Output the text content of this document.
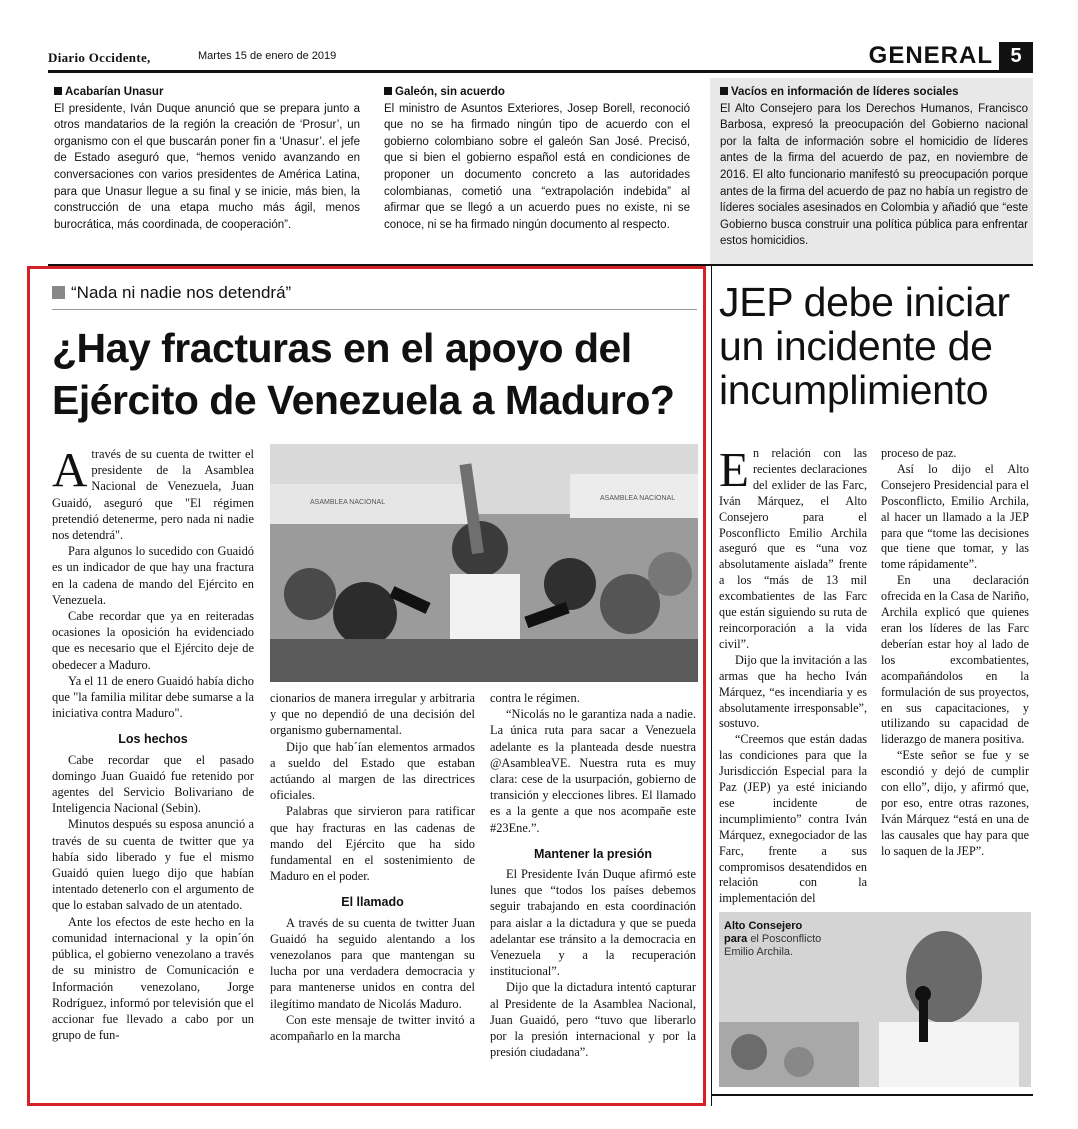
Diario Occidente,	Martes 15 de enero de 2019	GENERAL 5
Acabarían Unasur
El presidente, Iván Duque anunció que se prepara junto a otros mandatarios de la región la creación de ‘Prosur’, un organismo con el que buscarán poner fin a ‘Unasur’. el jefe de Estado aseguró que, “hemos venido avanzando en conversaciones con varios presidentes de América Latina, para que Unasur llegue a su final y se inicie, más bien, la construcción de una etapa mucho más ágil, menos burocrática, más coordinada, de cooperación”.
Galeón, sin acuerdo
El ministro de Asuntos Exteriores, Josep Borell, reconoció que no se ha firmado ningún tipo de acuerdo con el gobierno colombiano sobre el galeón San José. Precisó, que si bien el gobierno español está en condiciones de proponer un documento concreto a las autoridades colombianas, cometió una “extrapolación indebida” al afirmar que se llegó a un acuerdo pues no existe, ni se conoce, ni se ha firmado ningún documento al respecto.
Vacíos en información de líderes sociales
El Alto Consejero para los Derechos Humanos, Francisco Barbosa, expresó la preocupación del Gobierno nacional por la falta de información sobre el homicidio de líderes antes de la firma del acuerdo de paz, en noviembre de 2016. El alto funcionario manifestó su preocupación porque antes de la firma del acuerdo de paz no había un registro de líderes sociales asesinados en Colombia y añadió que “este Gobierno busca construir una política pública para enfrentar estos homicidios.
“Nada ni nadie nos detendrá”
¿Hay fracturas en el apoyo del
Ejército de Venezuela a Maduro?

Através de su cuenta de twitter el presidente de la Asamblea Nacional de Venezuela, Juan Guaidó, aseguró que "El régimen pretendió detenerme, pero nada ni nadie nos detendrá".

Para algunos lo sucedido con Guaidó es un indicador de que hay una fractura en la cadena de mando del Ejército en Venezuela.

Cabe recordar que ya en reiteradas ocasiones la oposición ha evidenciado que es necesario que el Ejército deje de obedecer a Maduro.

Ya el 11 de enero Guaidó había dicho que "la familia militar debe sumarse a la iniciativa contra Maduro".

Los hechos

Cabe recordar que el pasado domingo Juan Guaidó fue retenido por agentes del Servicio Bolivariano de Inteligencia Nacional (Sebin).

Minutos después su esposa anunció a través de su cuenta de twitter que ya había sido liberado y fue el mismo Guaidó quien luego dijo que habían intentado detenerlo con el argumento de que lo estaban salvado de un atentado.

Ante los efectos de este hecho en la comunidad internacional y la opin´ón pública, el gobierno venezolano a través de su ministro de Comunicación e Información venezolano, Jorge Rodríguez, informó por televisión que el accionar fue llevado a cabo por un grupo de fun-

ASAMBLEA NACIONAL
ASAMBLEA NACIONAL

cionarios de manera irregular y arbitraria y que no dependió de una decisión del organismo gubernamental.

Dijo que hab´ían elementos armados a sueldo del Estado que estaban actúando al margen de las directrices oficiales.

Palabras que sirvieron para ratificar que hay fracturas en las cadenas de mando del Ejército que ha sido fundamental en el sostenimiento de Maduro en el poder.

El llamado

A través de su cuenta de twitter Juan Guaidó ha seguido alentando a los venezolanos para que mantengan su lucha por una verdadera democracia y para mantenerse unidos en contra del ilegítimo mandato de Nicolás Maduro.

Con este mensaje de twitter invitó a acompañarlo en la marcha

contra le régimen.

“Nicolás no le garantiza nada a nadie. La única ruta para sacar a Venezuela adelante es la planteada desde nuestra @AsambleaVE. Nuestra ruta es muy clara: cese de la usurpación, gobierno de transición y elecciones libres. El llamado es a la gente a que nos acompañe este #23Ene.”.

Mantener la presión

El Presidente Iván Duque afirmó este lunes que “todos los países debemos seguir trabajando en esta coordinación para aislar a la dictadura y que se pueda adelantar ese tránsito a la democracia en Venezuela y a la recuperación institucional”.

Dijo que la dictadura intentó capturar al Presidente de la Asamblea Nacional, Juan Guaidó, pero “tuvo que liberarlo por la presión internacional y por la presión ciudadana”.

JEP debe iniciar un incidente de incumplimiento

En relación con las recientes declaraciones del exlider de las Farc, Iván Márquez, el Alto Consejero para el Posconflicto Emilio Archila aseguró que es “una voz absolutamente aislada” frente a los “más de 13 mil excombatientes de las Farc que están siguiendo su ruta de reincorporación a la vida civil”.

Dijo que la invitación a las armas que ha hecho Iván Márquez, “es incendiaria y es absolutamente irresponsable”, sostuvo.

“Creemos que están dadas las condiciones para que la Jurisdicción Especial para la Paz (JEP) ya esté iniciando ese incidente de incumplimiento” contra Iván Márquez, exnegociador de las Farc, frente a sus compromisos desatendidos en relación con la implementación del

proceso de paz.

Así lo dijo el Alto Consejero Presidencial para el Posconflicto, Emilio Archila, al hacer un llamado a la JEP para que “tome las decisiones que tiene que tomar, y las tome rápidamente”.

En una declaración ofrecida en la Casa de Nariño, Archila explicó que quienes eran los líderes de las Farc deberían estar hoy al lado de los excombatientes, acompañándolos en la formulación de sus proyectos, en sus capacitaciones, y utilizando su capacidad de liderazgo de manera positiva.

“Este señor se fue y se escondió y dejó de cumplir con ello”, dijo, y afirmó que, por eso, entre otras razones, Iván Márquez “está en una de las causales que hay para que lo saquen de la JEP”.

Alto Consejero para el Posconflicto Emilio Archila.
